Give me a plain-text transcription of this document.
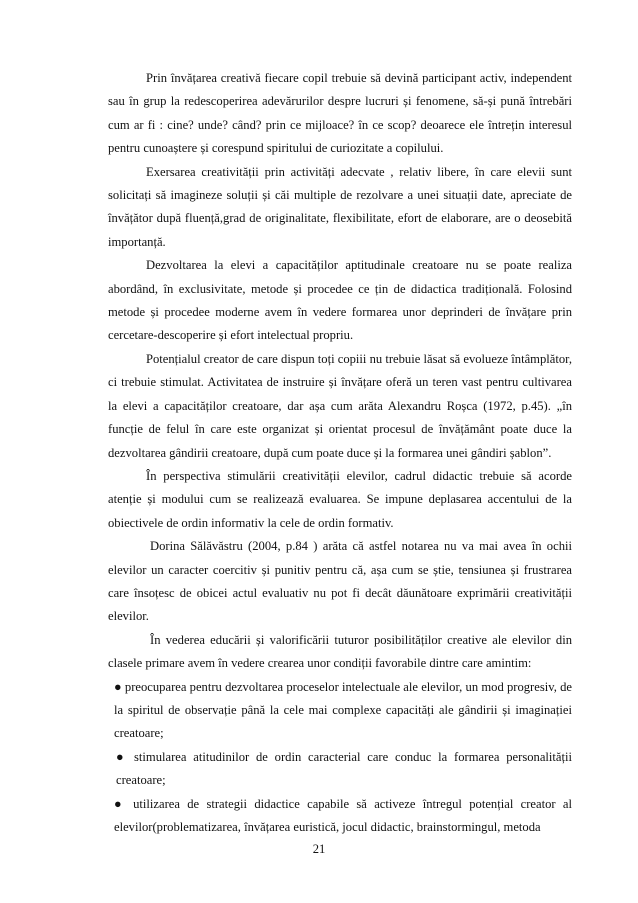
Prin învățarea creativă fiecare copil trebuie să devină participant activ, independent sau în grup la redescoperirea adevărurilor despre lucruri și fenomene, să-și pună întrebări cum ar fi : cine? unde? când? prin ce mijloace? în ce scop? deoarece ele întrețin interesul pentru cunoaștere și corespund spiritului de curiozitate a copilului.

Exersarea creativității prin activități adecvate , relativ libere, în care elevii sunt solicitați să imagineze soluții și căi multiple de rezolvare a unei situații date, apreciate de învățător după fluență,grad de originalitate, flexibilitate, efort de elaborare, are o deosebită importanță.

Dezvoltarea la elevi a capacităților aptitudinale creatoare nu se poate realiza abordând, în exclusivitate, metode și procedee ce țin de didactica tradițională. Folosind metode și procedee moderne avem în vedere formarea unor deprinderi de învățare prin cercetare-descoperire și efort intelectual propriu.

Potențialul creator de care dispun toți copiii nu trebuie lăsat să evolueze întâmplător, ci trebuie stimulat. Activitatea de instruire și învățare oferă un teren vast pentru cultivarea la elevi a capacităților creatoare, dar așa cum arăta Alexandru Roșca (1972, p.45). „în funcție de felul în care este organizat și orientat procesul de învățământ poate duce la dezvoltarea gândirii creatoare, după cum poate duce și la formarea unei gândiri șablon”.

În perspectiva stimulării creativității elevilor, cadrul didactic trebuie să acorde atenție și modului cum se realizează evaluarea. Se impune deplasarea accentului de la obiectivele de ordin informativ la cele de ordin formativ.

Dorina Sălăvăstru (2004, p.84 ) arăta că astfel notarea nu va mai avea în ochii elevilor un caracter coercitiv și punitiv pentru că, așa cum se știe, tensiunea și frustrarea care însoțesc de obicei actul evaluativ nu pot fi decât dăunătoare exprimării creativității elevilor.

În vederea educării și valorificării tuturor posibilităților creative ale elevilor din clasele primare avem în vedere crearea unor condiții favorabile dintre care amintim:

● preocuparea pentru dezvoltarea proceselor intelectuale ale elevilor, un mod progresiv, de la spiritul de observație până la cele mai complexe capacități ale gândirii și imaginației creatoare;

● stimularea atitudinilor de ordin caracterial care conduc la formarea personalității creatoare;

● utilizarea de strategii didactice capabile să activeze întregul potențial creator al elevilor(problematizarea, învățarea euristică, jocul didactic, brainstormingul, metoda

21
